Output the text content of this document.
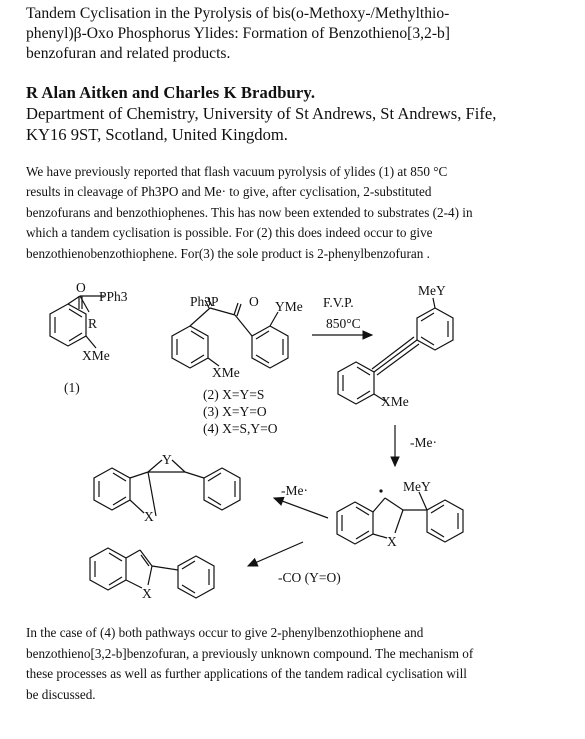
Tandem Cyclisation in the Pyrolysis of bis(o-Methoxy-/Methylthio-
phenyl)β-Oxo Phosphorus Ylides: Formation of Benzothieno[3,2-b]
benzofuran and related products.
R Alan Aitken and Charles K Bradbury.
Department of Chemistry, University of St Andrews, St Andrews, Fife,
KY16 9ST, Scotland, United Kingdom.
We have previously reported that flash vacuum pyrolysis of ylides (1) at 850 °C
results in cleavage of Ph3PO and Me· to give, after cyclisation, 2-substituted
benzofurans and benzothiophenes. This has now been extended to substrates (2-4) in
which a tandem cyclisation is possible. For (2) this does indeed occur to give
benzothienobenzothiophene. For(3) the sole product is 2-phenylbenzofuran .
O
PPh3
R
XMe
(1)
Ph3P O YMe
XMe
(2) X=Y=S
(3) X=Y=O
(4) X=S,Y=O
F.V.P.
850°C
MeY
XMe
-Me·
MeY
X
-Me·
Y
X
-CO (Y=O)
X
In the case of (4) both pathways occur to give 2-phenylbenzothiophene and
benzothieno[3,2-b]benzofuran, a previously unknown compound. The mechanism of
these processes as well as further applications of the tandem radical cyclisation will
be discussed.
